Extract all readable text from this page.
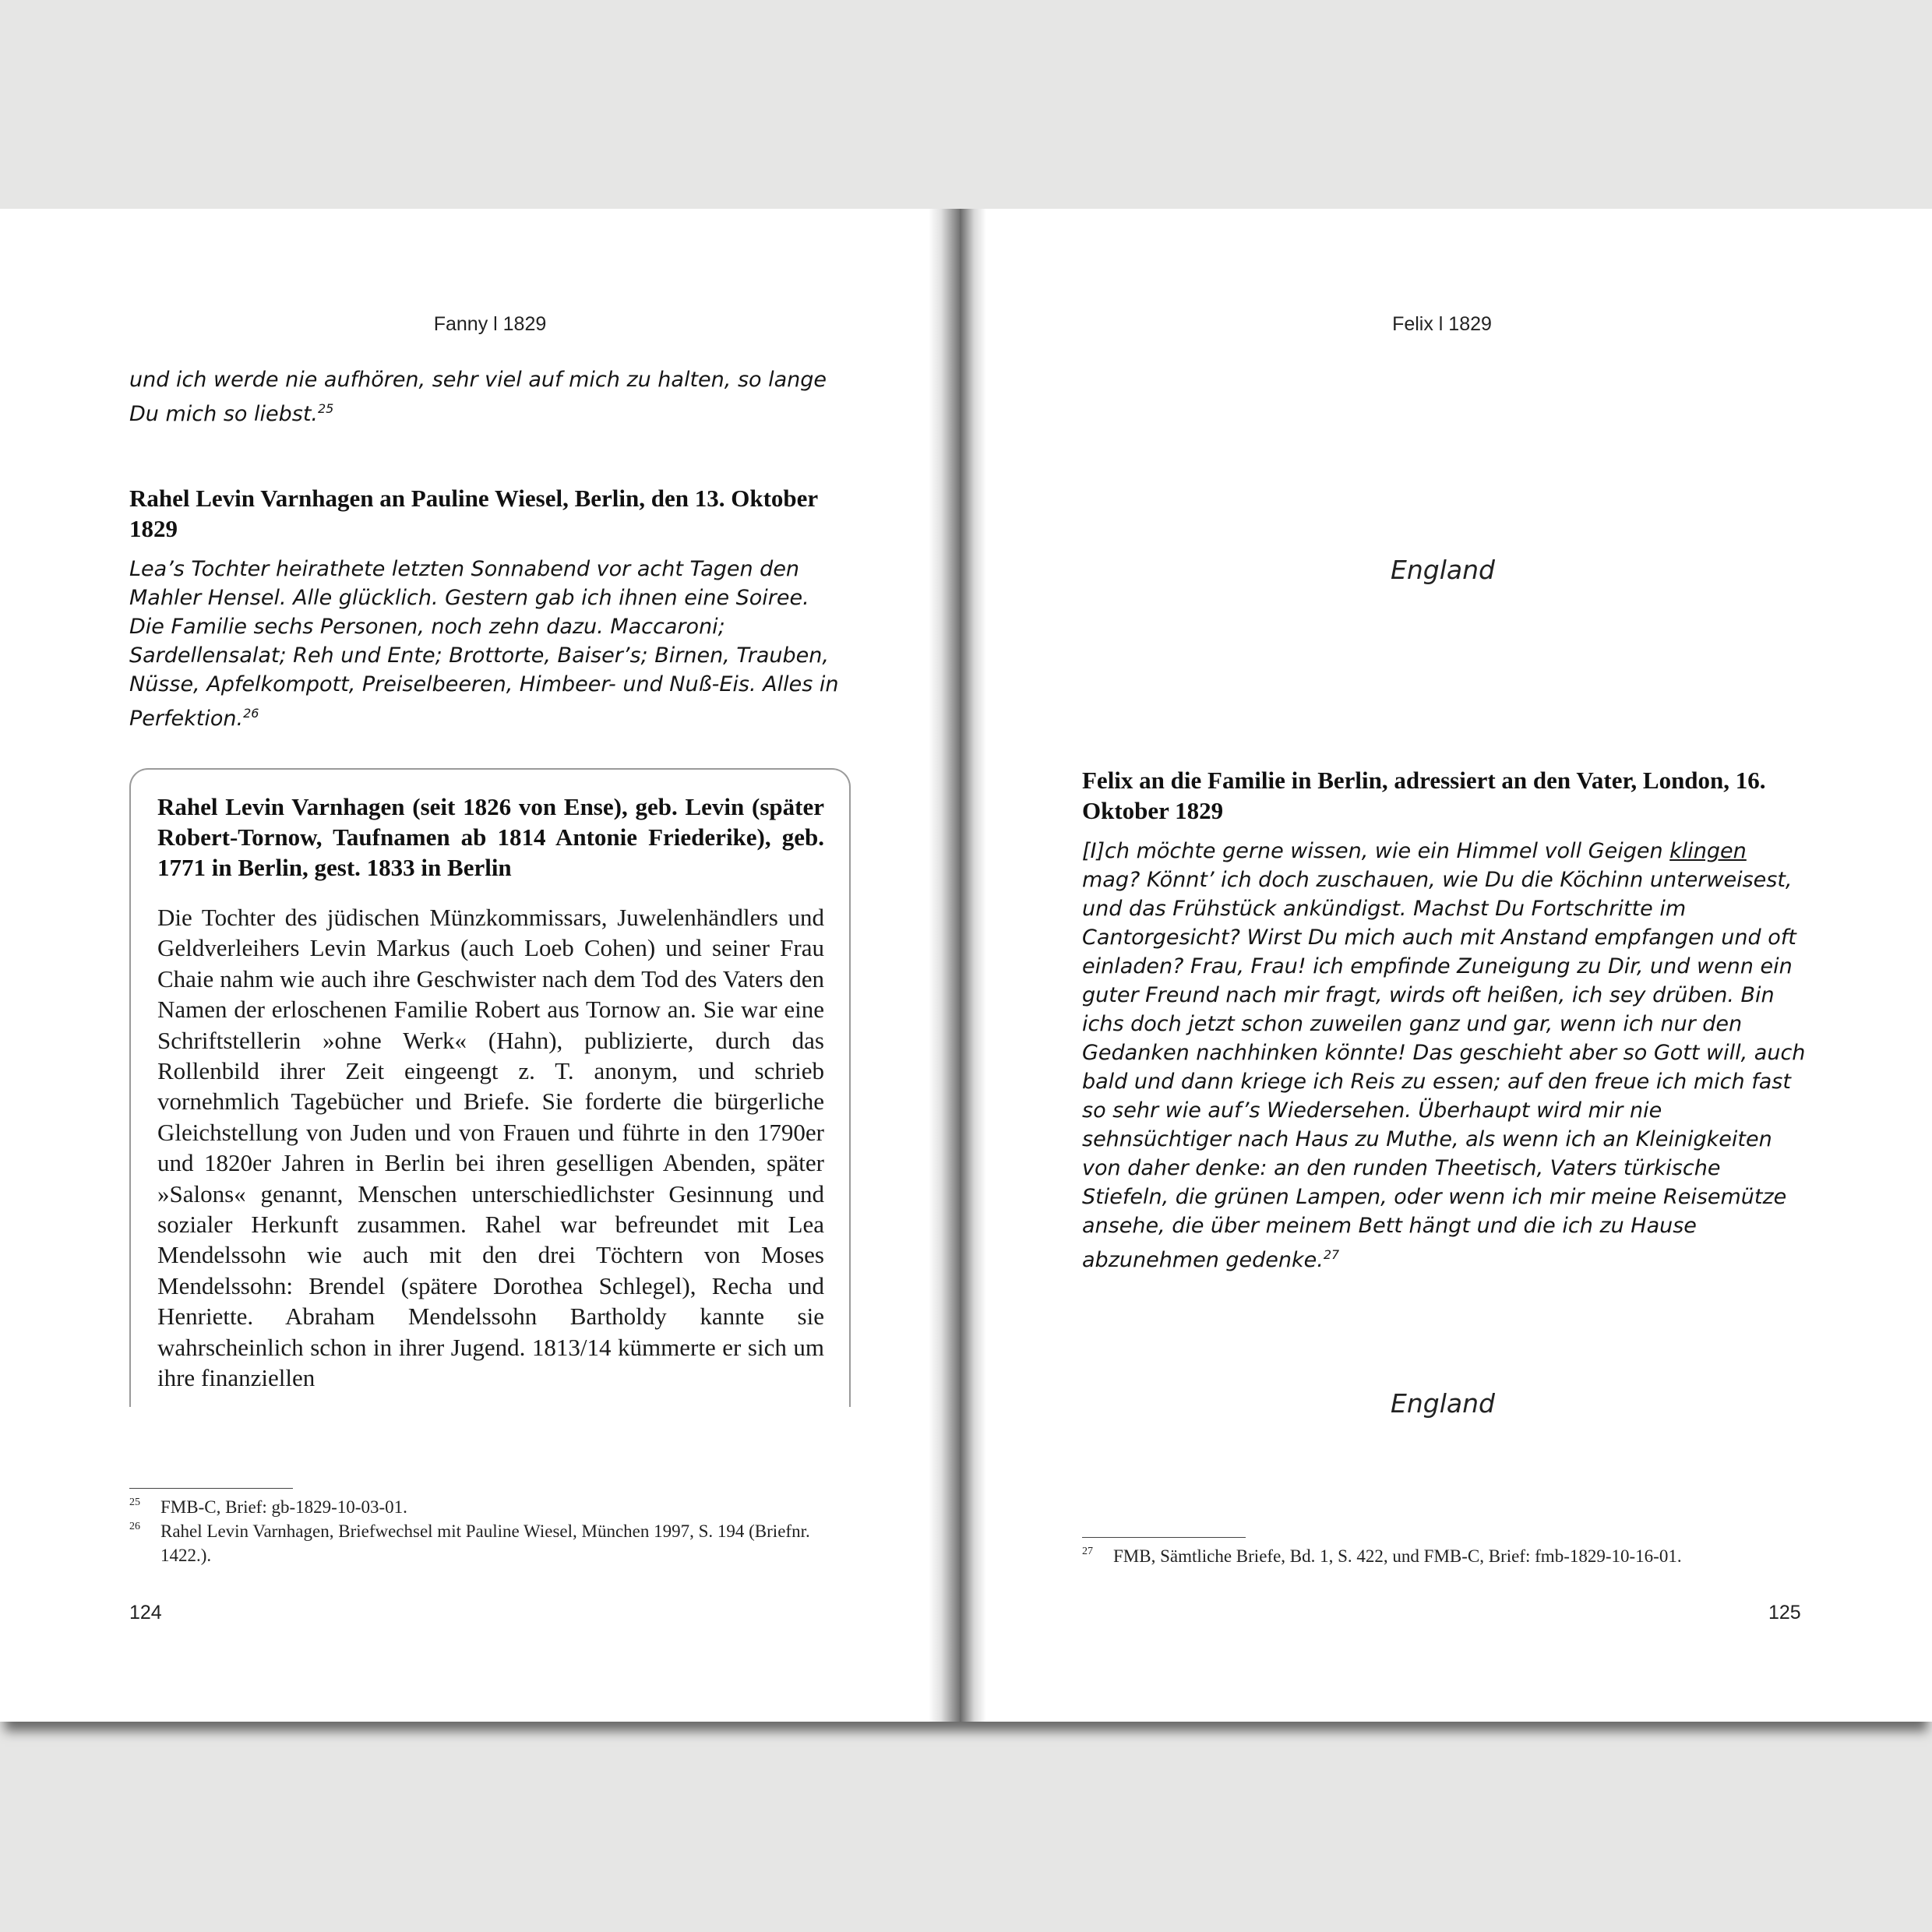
Fanny l 1829

und ich werde nie aufhören, sehr viel auf mich zu halten, so lange Du mich so liebst.$^{25}$

Rahel Levin Varnhagen an Pauline Wiesel, Berlin, den 13. Oktober 1829

Lea’s Tochter heirathete letzten Sonnabend vor acht Tagen den Mahler Hensel. Alle glücklich. Gestern gab ich ihnen eine Soiree. Die Familie sechs Personen, noch zehn dazu. Maccaroni; Sardellensalat; Reh und Ente; Brottorte, Baiser’s; Birnen, Trauben, Nüsse, Apfelkompott, Preiselbeeren, Himbeer- und Nuß-Eis. Alles in Perfektion.$^{26}$

Rahel Levin Varnhagen (seit 1826 von Ense), geb. Levin (später Robert-Tornow, Taufnamen ab 1814 Antonie Friederike), geb. 1771 in Berlin, gest. 1833 in Berlin

Die Tochter des jüdischen Münzkommissars, Juwelenhändlers und Geldverleihers Levin Markus (auch Loeb Cohen) und seiner Frau Chaie nahm wie auch ihre Geschwister nach dem Tod des Vaters den Namen der erloschenen Familie Robert aus Tornow an. Sie war eine Schriftstellerin »ohne Werk« (Hahn), publizierte, durch das Rollenbild ihrer Zeit eingeengt z. T. anonym, und schrieb vornehmlich Tagebücher und Briefe. Sie forderte die bürgerliche Gleichstellung von Juden und von Frauen und führte in den 1790er und 1820er Jahren in Berlin bei ihren geselligen Abenden, später »Salons« genannt, Menschen unterschiedlichster Gesinnung und sozialer Herkunft zusammen. Rahel war befreundet mit Lea Mendelssohn wie auch mit den drei Töchtern von Moses Mendelssohn: Brendel (spätere Dorothea Schlegel), Recha und Henriette. Abraham Mendelssohn Bartholdy kannte sie wahrscheinlich schon in ihrer Jugend. 1813/14 kümmerte er sich um ihre finanziellen

25 FMB-C, Brief: gb-1829-10-03-01.
26 Rahel Levin Varnhagen, Briefwechsel mit Pauline Wiesel, München 1997, S. 194 (Briefnr. 1422.).
124
Felix l 1829
England

Felix an die Familie in Berlin, adressiert an den Vater, London, 16. Oktober 1829

[I]ch möchte gerne wissen, wie ein Himmel voll Geigen klingen mag? Könnt’ ich doch zuschauen, wie Du die Köchinn unterweisest, und das Frühstück ankündigst. Machst Du Fortschritte im Cantorgesicht? Wirst Du mich auch mit Anstand empfangen und oft einladen? Frau, Frau! ich empfinde Zuneigung zu Dir, und wenn ein guter Freund nach mir fragt, wirds oft heißen, ich sey drüben. Bin ichs doch jetzt schon zuweilen ganz und gar, wenn ich nur den Gedanken nachhinken könnte! Das geschieht aber so Gott will, auch bald und dann kriege ich Reis zu essen; auf den freue ich mich fast so sehr wie auf’s Wiedersehen. Überhaupt wird mir nie sehnsüchtiger nach Haus zu Muthe, als wenn ich an Kleinigkeiten von daher denke: an den runden Theetisch, Vaters türkische Stiefeln, die grünen Lampen, oder wenn ich mir meine Reisemütze ansehe, die über meinem Bett hängt und die ich zu Hause abzunehmen gedenke.$^{27}$

England
27 FMB, Sämtliche Briefe, Bd. 1, S. 422, und FMB-C, Brief: fmb-1829-10-16-01.
125
